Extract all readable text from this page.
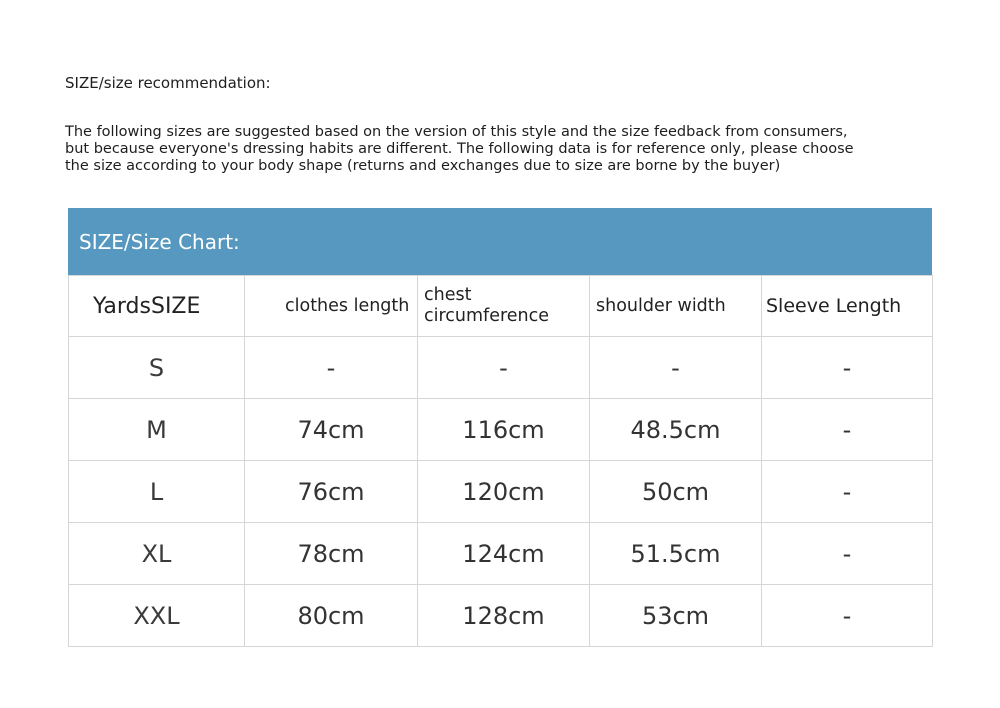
SIZE/size recommendation:

The following sizes are suggested based on the version of this style and the size feedback from consumers,
but because everyone's dressing habits are different. The following data is for reference only, please choose
the size according to your body shape (returns and exchanges due to size are borne by the buyer)

SIZE/Size Chart:
YardsSIZE	clothes length	chest circumference	shoulder width	Sleeve Length
S	-	-	-	-
M	74cm	116cm	48.5cm	-
L	76cm	120cm	50cm	-
XL	78cm	124cm	51.5cm	-
XXL	80cm	128cm	53cm	-
